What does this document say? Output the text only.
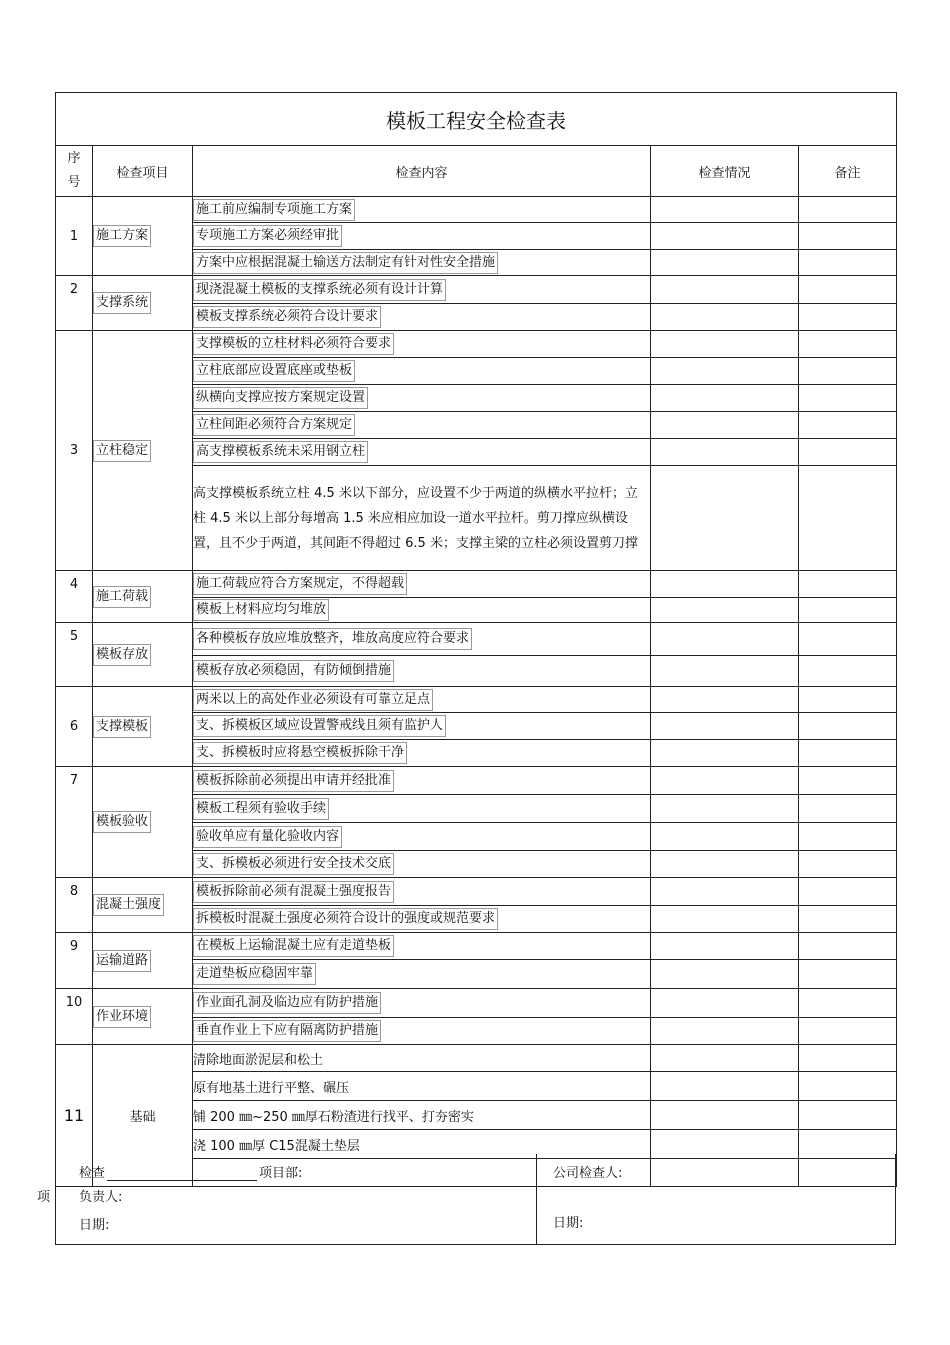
模板工程安全检查表				
序
号	检查项目	检查内容	检查情况	备注
1	施工方案	施工前应编制专项施工方案		
		专项施工方案必须经审批		
		方案中应根据混凝土输送方法制定有针对性安全措施		
2	支撑系统	现浇混凝土模板的支撑系统必须有设计计算		
		模板支撑系统必须符合设计要求		
3	立柱稳定	支撑模板的立柱材料必须符合要求		
		立柱底部应设置底座或垫板		
		纵横向支撑应按方案规定设置		
		立柱间距必须符合方案规定		
		高支撑模板系统未采用钢立柱		
		高支撑模板系统立柱 4.5 米以下部分，应设置不少于两道的纵横水平拉杆；立柱 4.5 米以上部分每增高 1.5 米应相应加设一道水平拉杆。剪刀撑应纵横设置，且不少于两道，其间距不得超过 6.5 米；支撑主梁的立柱必须设置剪刀撑		
4	施工荷载	施工荷载应符合方案规定，不得超载		
		模板上材料应均匀堆放		
5	模板存放	各种模板存放应堆放整齐，堆放高度应符合要求		
		模板存放必须稳固，有防倾倒措施		
6	支撑模板	两米以上的高处作业必须设有可靠立足点		
		支、拆模板区域应设置警戒线且须有监护人		
		支、拆模板时应将悬空模板拆除干净		
7	模板验收	模板拆除前必须提出申请并经批准		
		模板工程须有验收手续		
		验收单应有量化验收内容		
		支、拆模板必须进行安全技术交底		
8	混凝土强度	模板拆除前必须有混凝土强度报告		
		拆模板时混凝土强度必须符合设计的强度或规范要求		
9	运输道路	在模板上运输混凝土应有走道垫板		
		走道垫板应稳固牢靠		
10	作业环境	作业面孔洞及临边应有防护措施		
		垂直作业上下应有隔离防护措施		
11	基础	清除地面淤泥层和松土		
		原有地基土进行平整、碾压		
		铺 200 ㎜~250 ㎜厚石粉渣进行找平、打夯密实		
		浇 100 ㎜厚 C15混凝土垫层		

检查	项目部:
项 负责人:
日期:
公司检查人:
日期:
